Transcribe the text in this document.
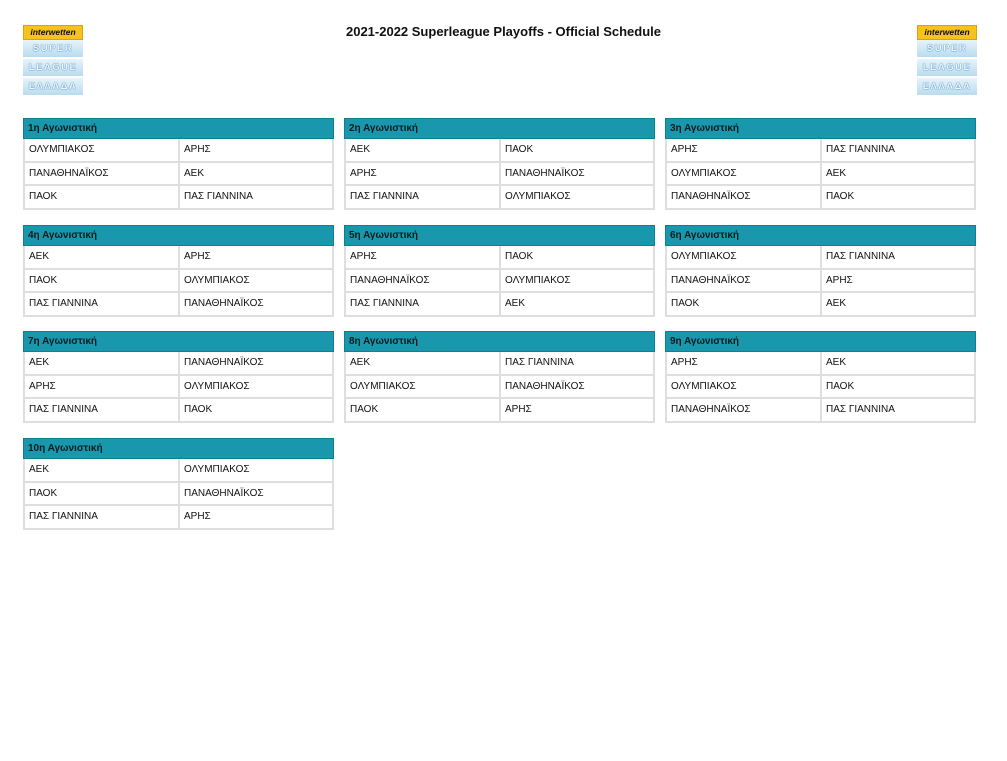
2021-2022 Superleague Playoffs - Official Schedule
interwetten
SUPER
LEAGUE
ΕΛΛΑΔΑ
interwetten
SUPER
LEAGUE
ΕΛΛΑΔΑ
1η Αγωνιστική
ΟΛΥΜΠΙΑΚΟΣ	ΑΡΗΣ
ΠΑΝΑΘΗΝΑΪΚΟΣ	ΑΕΚ
ΠΑΟΚ	ΠΑΣ ΓΙΑΝΝΙΝΑ
2η Αγωνιστική
ΑΕΚ	ΠΑΟΚ
ΑΡΗΣ	ΠΑΝΑΘΗΝΑΪΚΟΣ
ΠΑΣ ΓΙΑΝΝΙΝΑ	ΟΛΥΜΠΙΑΚΟΣ
3η Αγωνιστική
ΑΡΗΣ	ΠΑΣ ΓΙΑΝΝΙΝΑ
ΟΛΥΜΠΙΑΚΟΣ	ΑΕΚ
ΠΑΝΑΘΗΝΑΪΚΟΣ	ΠΑΟΚ
4η Αγωνιστική
ΑΕΚ	ΑΡΗΣ
ΠΑΟΚ	ΟΛΥΜΠΙΑΚΟΣ
ΠΑΣ ΓΙΑΝΝΙΝΑ	ΠΑΝΑΘΗΝΑΪΚΟΣ
5η Αγωνιστική
ΑΡΗΣ	ΠΑΟΚ
ΠΑΝΑΘΗΝΑΪΚΟΣ	ΟΛΥΜΠΙΑΚΟΣ
ΠΑΣ ΓΙΑΝΝΙΝΑ	ΑΕΚ
6η Αγωνιστική
ΟΛΥΜΠΙΑΚΟΣ	ΠΑΣ ΓΙΑΝΝΙΝΑ
ΠΑΝΑΘΗΝΑΪΚΟΣ	ΑΡΗΣ
ΠΑΟΚ	ΑΕΚ
7η Αγωνιστική
ΑΕΚ	ΠΑΝΑΘΗΝΑΪΚΟΣ
ΑΡΗΣ	ΟΛΥΜΠΙΑΚΟΣ
ΠΑΣ ΓΙΑΝΝΙΝΑ	ΠΑΟΚ
8η Αγωνιστική
ΑΕΚ	ΠΑΣ ΓΙΑΝΝΙΝΑ
ΟΛΥΜΠΙΑΚΟΣ	ΠΑΝΑΘΗΝΑΪΚΟΣ
ΠΑΟΚ	ΑΡΗΣ
9η Αγωνιστική
ΑΡΗΣ	ΑΕΚ
ΟΛΥΜΠΙΑΚΟΣ	ΠΑΟΚ
ΠΑΝΑΘΗΝΑΪΚΟΣ	ΠΑΣ ΓΙΑΝΝΙΝΑ
10η Αγωνιστική
ΑΕΚ	ΟΛΥΜΠΙΑΚΟΣ
ΠΑΟΚ	ΠΑΝΑΘΗΝΑΪΚΟΣ
ΠΑΣ ΓΙΑΝΝΙΝΑ	ΑΡΗΣ
